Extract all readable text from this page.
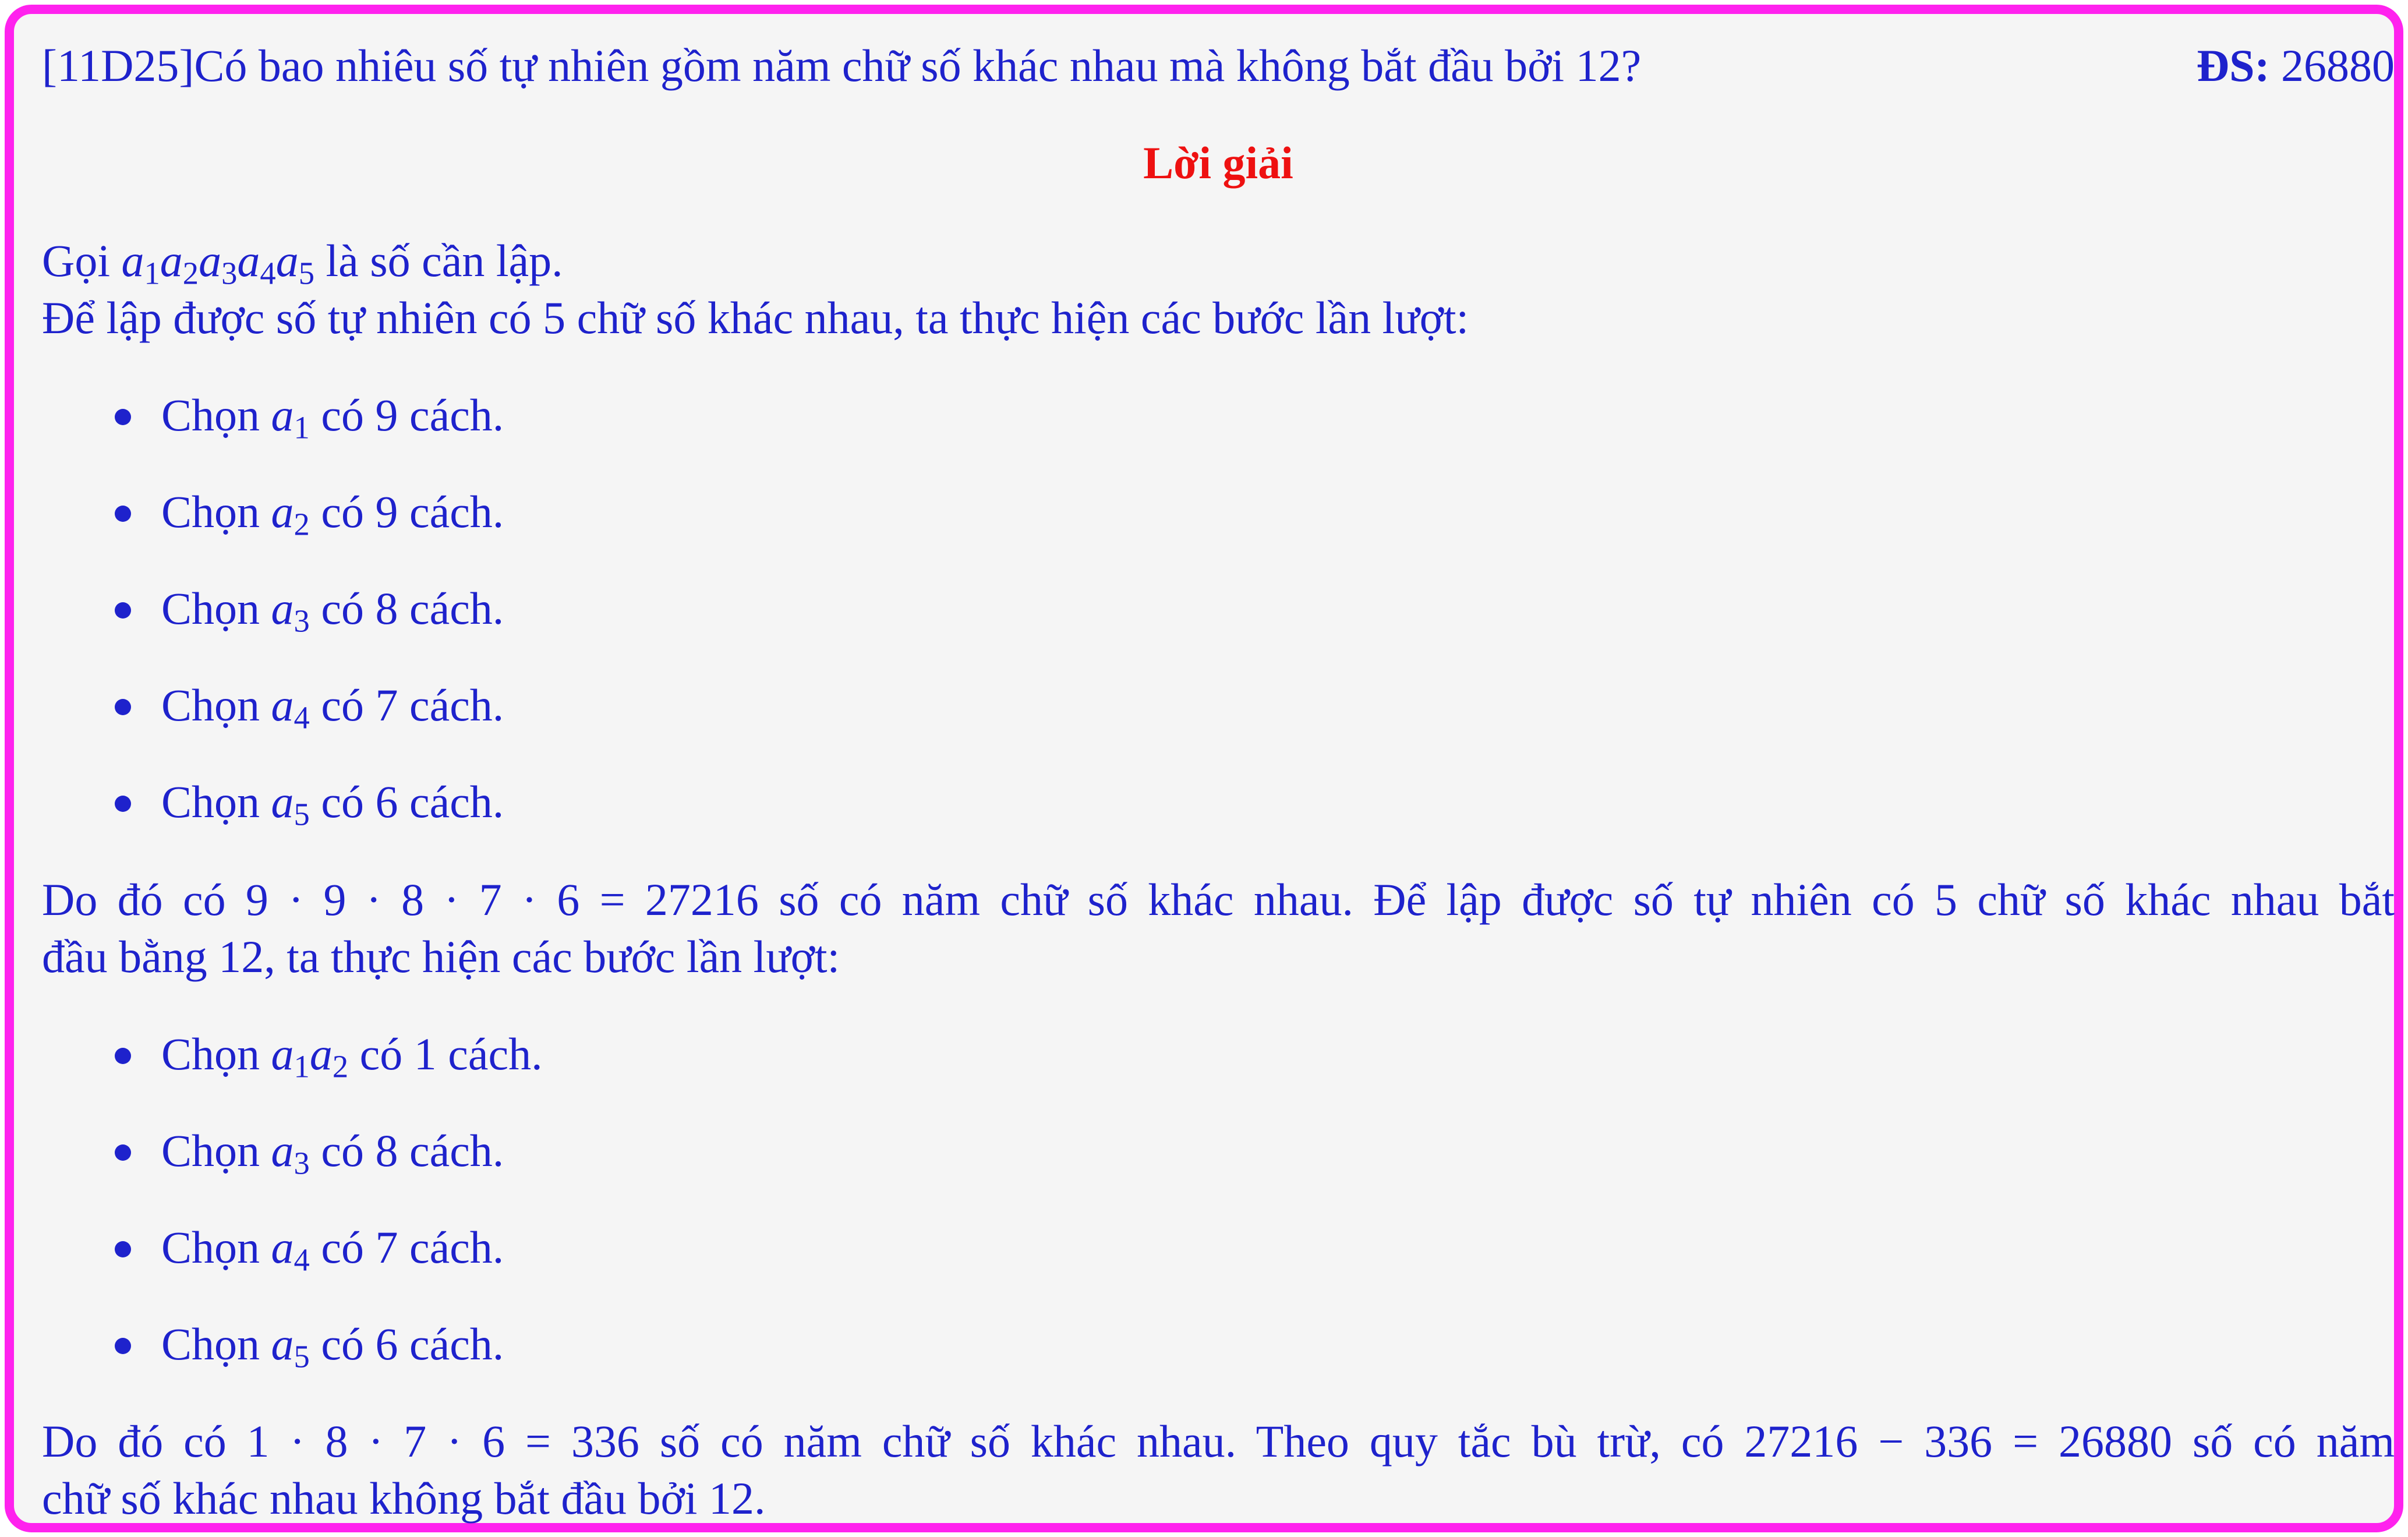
[11D25]Có bao nhiêu số tự nhiên gồm năm chữ số khác nhau mà không bắt đầu bởi 12?	ĐS: 26880
Lời giải
Gọi $a_1a_2a_3a_4a_5$ là số cần lập.
Để lập được số tự nhiên có 5 chữ số khác nhau, ta thực hiện các bước lần lượt:
Chọn $a_1$ có 9 cách.
Chọn $a_2$ có 9 cách.
Chọn $a_3$ có 8 cách.
Chọn $a_4$ có 7 cách.
Chọn $a_5$ có 6 cách.
Do đó có 9 · 9 · 8 · 7 · 6 = 27216 số có năm chữ số khác nhau. Để lập được số tự nhiên có 5 chữ số khác nhau bắt
đầu bằng 12, ta thực hiện các bước lần lượt:
Chọn $a_1a_2$ có 1 cách.
Chọn $a_3$ có 8 cách.
Chọn $a_4$ có 7 cách.
Chọn $a_5$ có 6 cách.
Do đó có 1 · 8 · 7 · 6 = 336 số có năm chữ số khác nhau. Theo quy tắc bù trừ, có 27216 − 336 = 26880 số có năm
chữ số khác nhau không bắt đầu bởi 12.
